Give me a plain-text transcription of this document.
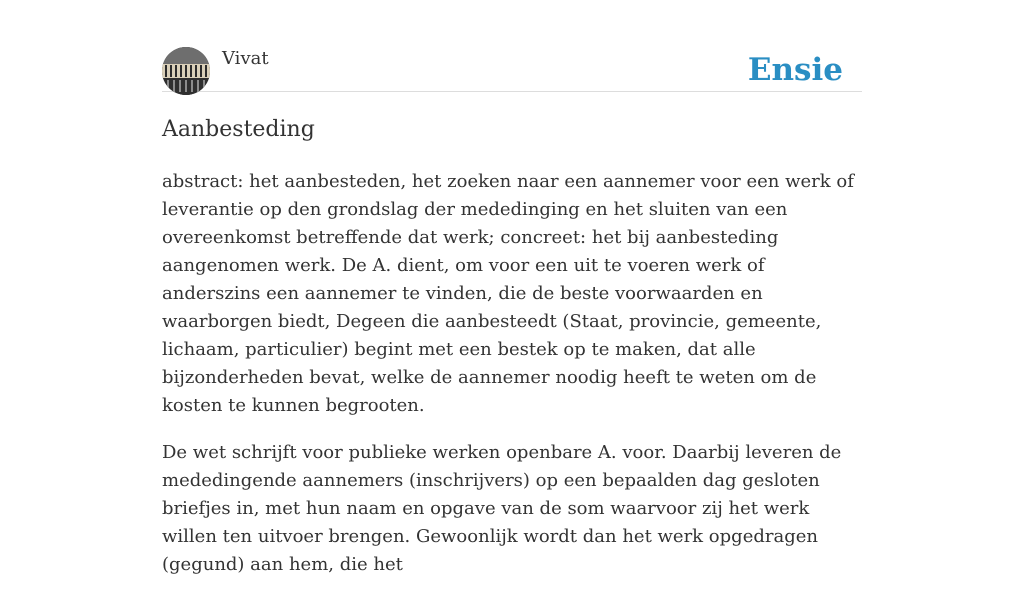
Vivat	Ensie
Aanbesteding

abstract: het aanbesteden, het zoeken naar een aannemer voor een werk of leverantie op den grondslag der mededinging en het sluiten van een overeenkomst betreffende dat werk; concreet: het bij aanbesteding aangenomen werk. De A. dient, om voor een uit te voeren werk of anderszins een aannemer te vinden, die de beste voorwaarden en waarborgen biedt, Degeen die aanbesteedt (Staat, provincie, gemeente, lichaam, particulier) begint met een bestek op te maken, dat alle bijzonderheden bevat, welke de aannemer noodig heeft te weten om de kosten te kunnen begrooten.

De wet schrijft voor publieke werken openbare A. voor. Daarbij leveren de mededingende aannemers (inschrijvers) op een bepaalden dag gesloten briefjes in, met hun naam en opgave van de som waarvoor zij het werk willen ten uitvoer brengen. Gewoonlijk wordt dan het werk opgedragen (gegund) aan hem, die het
